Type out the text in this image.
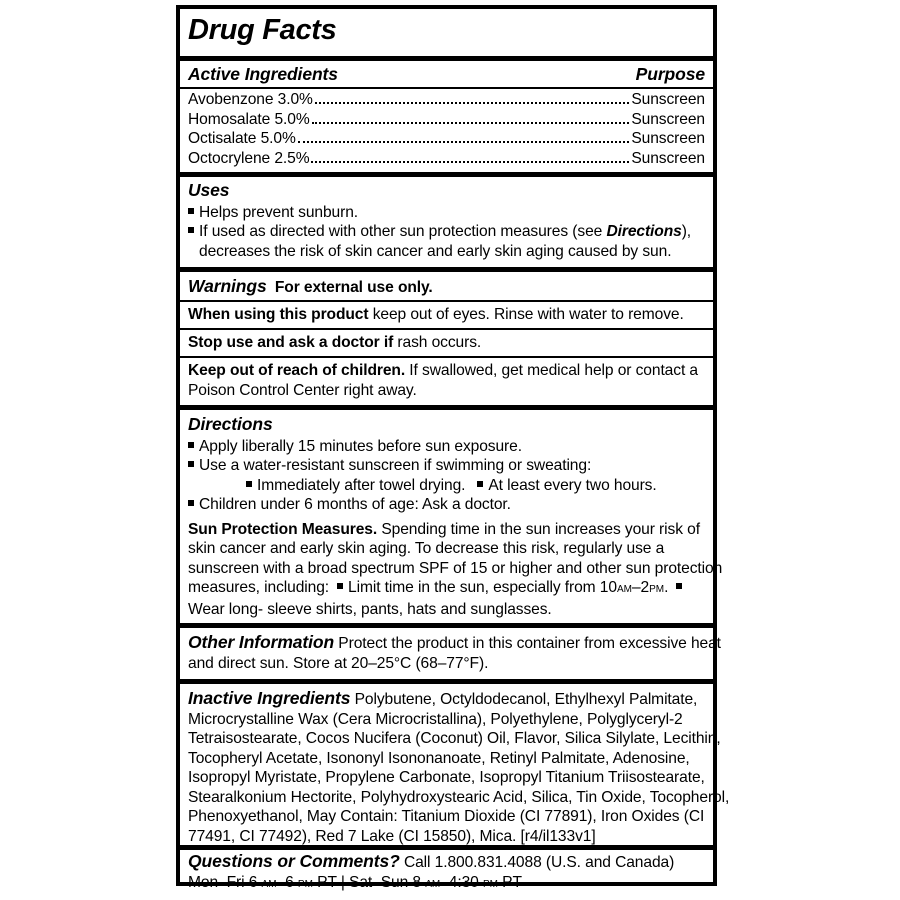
Drug Facts
Active Ingredients	Purpose
Avobenzone 3.0%	Sunscreen
Homosalate 5.0%	Sunscreen
Octisalate 5.0%	Sunscreen
Octocrylene 2.5%	Sunscreen
Uses
Helps prevent sunburn.
If used as directed with other sun protection measures (see Directions),
decreases the risk of skin cancer and early skin aging caused by sun.
Warnings For external use only.
When using this product keep out of eyes. Rinse with water to remove.
Stop use and ask a doctor if rash occurs.
Keep out of reach of children. If swallowed, get medical help or contact a
Poison Control Center right away.
Directions
Apply liberally 15 minutes before sun exposure.
Use a water-resistant sunscreen if swimming or sweating:
Immediately after towel drying. At least every two hours.
Children under 6 months of age: Ask a doctor.
Sun Protection Measures. Spending time in the sun increases your risk of
skin cancer and early skin aging. To decrease this risk, regularly use a
sunscreen with a broad spectrum SPF of 15 or higher and other sun protection
measures, including: Limit time in the sun, especially from 10AM–2PM.
Wear long- sleeve shirts, pants, hats and sunglasses.
Other Information Protect the product in this container from excessive heat
and direct sun. Store at 20–25°C (68–77°F).
Inactive Ingredients Polybutene, Octyldodecanol, Ethylhexyl Palmitate,
Microcrystalline Wax (Cera Microcristallina), Polyethylene, Polyglyceryl-2
Tetraisostearate, Cocos Nucifera (Coconut) Oil, Flavor, Silica Silylate, Lecithin,
Tocopheryl Acetate, Isononyl Isononanoate, Retinyl Palmitate, Adenosine,
Isopropyl Myristate, Propylene Carbonate, Isopropyl Titanium Triisostearate,
Stearalkonium Hectorite, Polyhydroxystearic Acid, Silica, Tin Oxide, Tocopherol,
Phenoxyethanol, May Contain: Titanium Dioxide (CI 77891), Iron Oxides (CI
77491, CI 77492), Red 7 Lake (CI 15850), Mica. [r4/il133v1]
Questions or Comments? Call 1.800.831.4088 (U.S. and Canada)
Mon–Fri 6 AM–6 PM PT | Sat–Sun 8 AM–4:30 PM PT
